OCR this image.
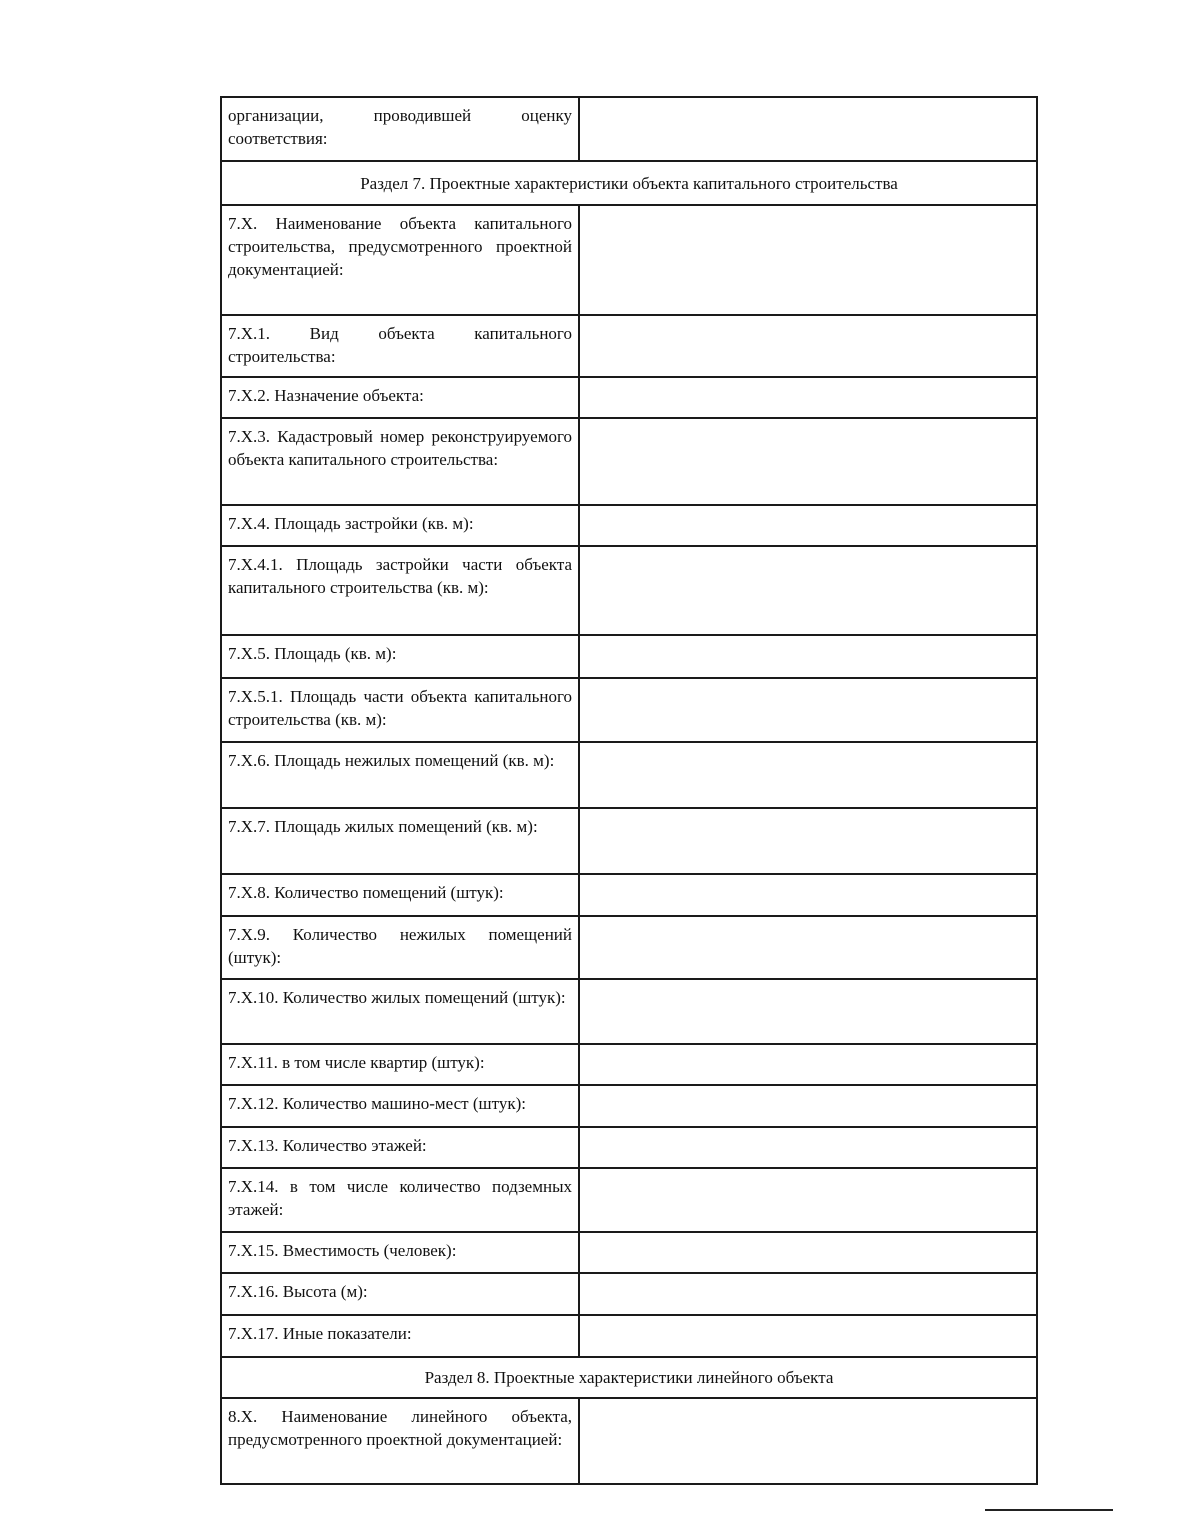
организации, проводившей оценку соответствия:	

Раздел 7. Проектные характеристики объекта капитального строительства	

7.X. Наименование объекта капитального строительства, предусмотренного проектной документацией:	

7.X.1. Вид объекта капитального строительства:	

7.X.2. Назначение объекта:	

7.X.3. Кадастровый номер реконструируемого объекта капитального строительства:	

7.X.4. Площадь застройки (кв. м):	

7.X.4.1. Площадь застройки части объекта капитального строительства (кв. м):	

7.X.5. Площадь (кв. м):	

7.X.5.1. Площадь части объекта капитального строительства (кв. м):	

7.X.6. Площадь нежилых помещений (кв. м):	

7.X.7. Площадь жилых помещений (кв. м):	

7.X.8. Количество помещений (штук):	

7.X.9. Количество нежилых помещений (штук):	

7.X.10. Количество жилых помещений (штук):	

7.X.11. в том числе квартир (штук):	

7.X.12. Количество машино-мест (штук):	

7.X.13. Количество этажей:	

7.X.14. в том числе количество подземных этажей:	

7.X.15. Вместимость (человек):	

7.X.16. Высота (м):	

7.X.17. Иные показатели:	

Раздел 8. Проектные характеристики линейного объекта	

8.X. Наименование линейного объекта, предусмотренного проектной документацией:	
